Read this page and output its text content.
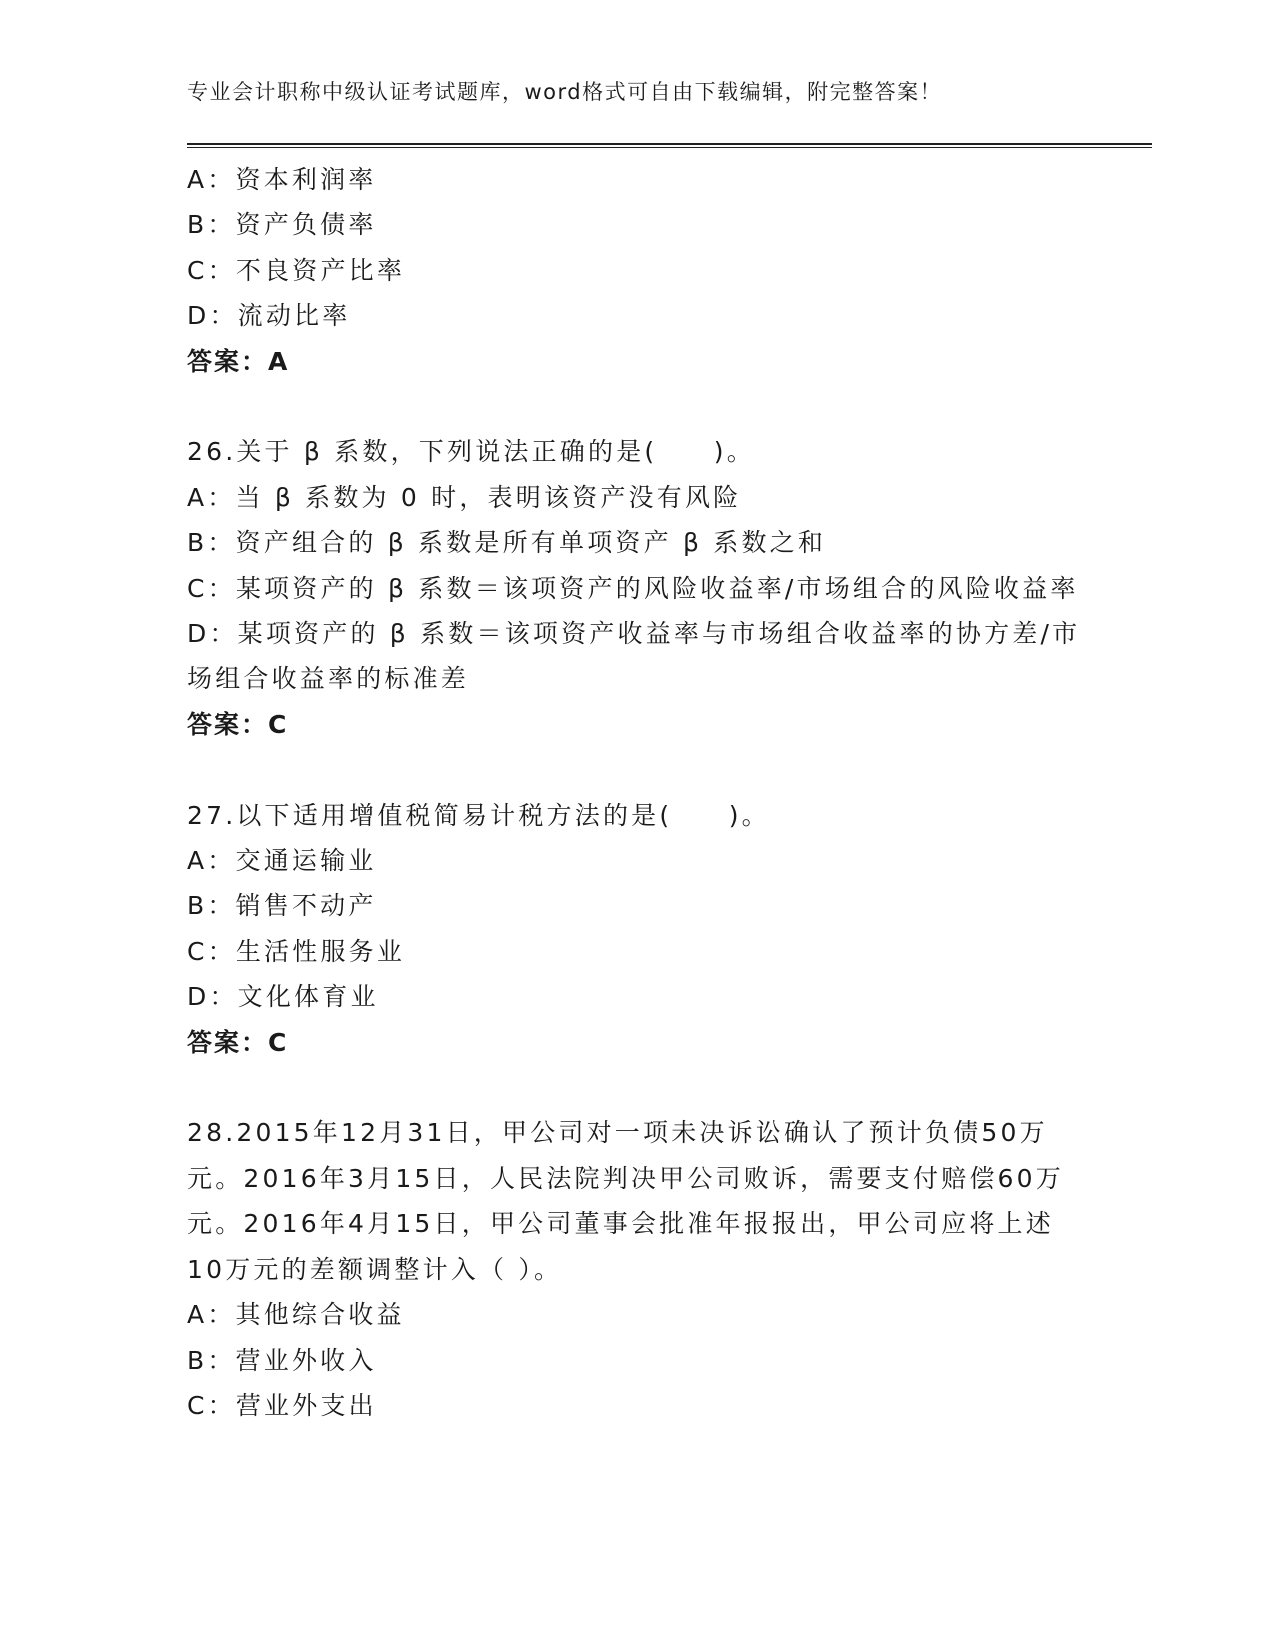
专业会计职称中级认证考试题库，word格式可自由下载编辑，附完整答案！
A：资本利润率
B：资产负债率
C：不良资产比率
D：流动比率
答案：A
26.关于 β 系数，下列说法正确的是(　　)。
A：当 β 系数为 0 时，表明该资产没有风险
B：资产组合的 β 系数是所有单项资产 β 系数之和
C：某项资产的 β 系数＝该项资产的风险收益率/市场组合的风险收益率
D：某项资产的 β 系数＝该项资产收益率与市场组合收益率的协方差/市场组合收益率的标准差
答案：C
27.以下适用增值税简易计税方法的是(　　)。
A：交通运输业
B：销售不动产
C：生活性服务业
D：文化体育业
答案：C
28.2015年12月31日，甲公司对一项未决诉讼确认了预计负债50万元。2016年3月15日，人民法院判决甲公司败诉，需要支付赔偿60万元。2016年4月15日，甲公司董事会批准年报报出，甲公司应将上述10万元的差额调整计入（ ）。
A：其他综合收益
B：营业外收入
C：营业外支出
